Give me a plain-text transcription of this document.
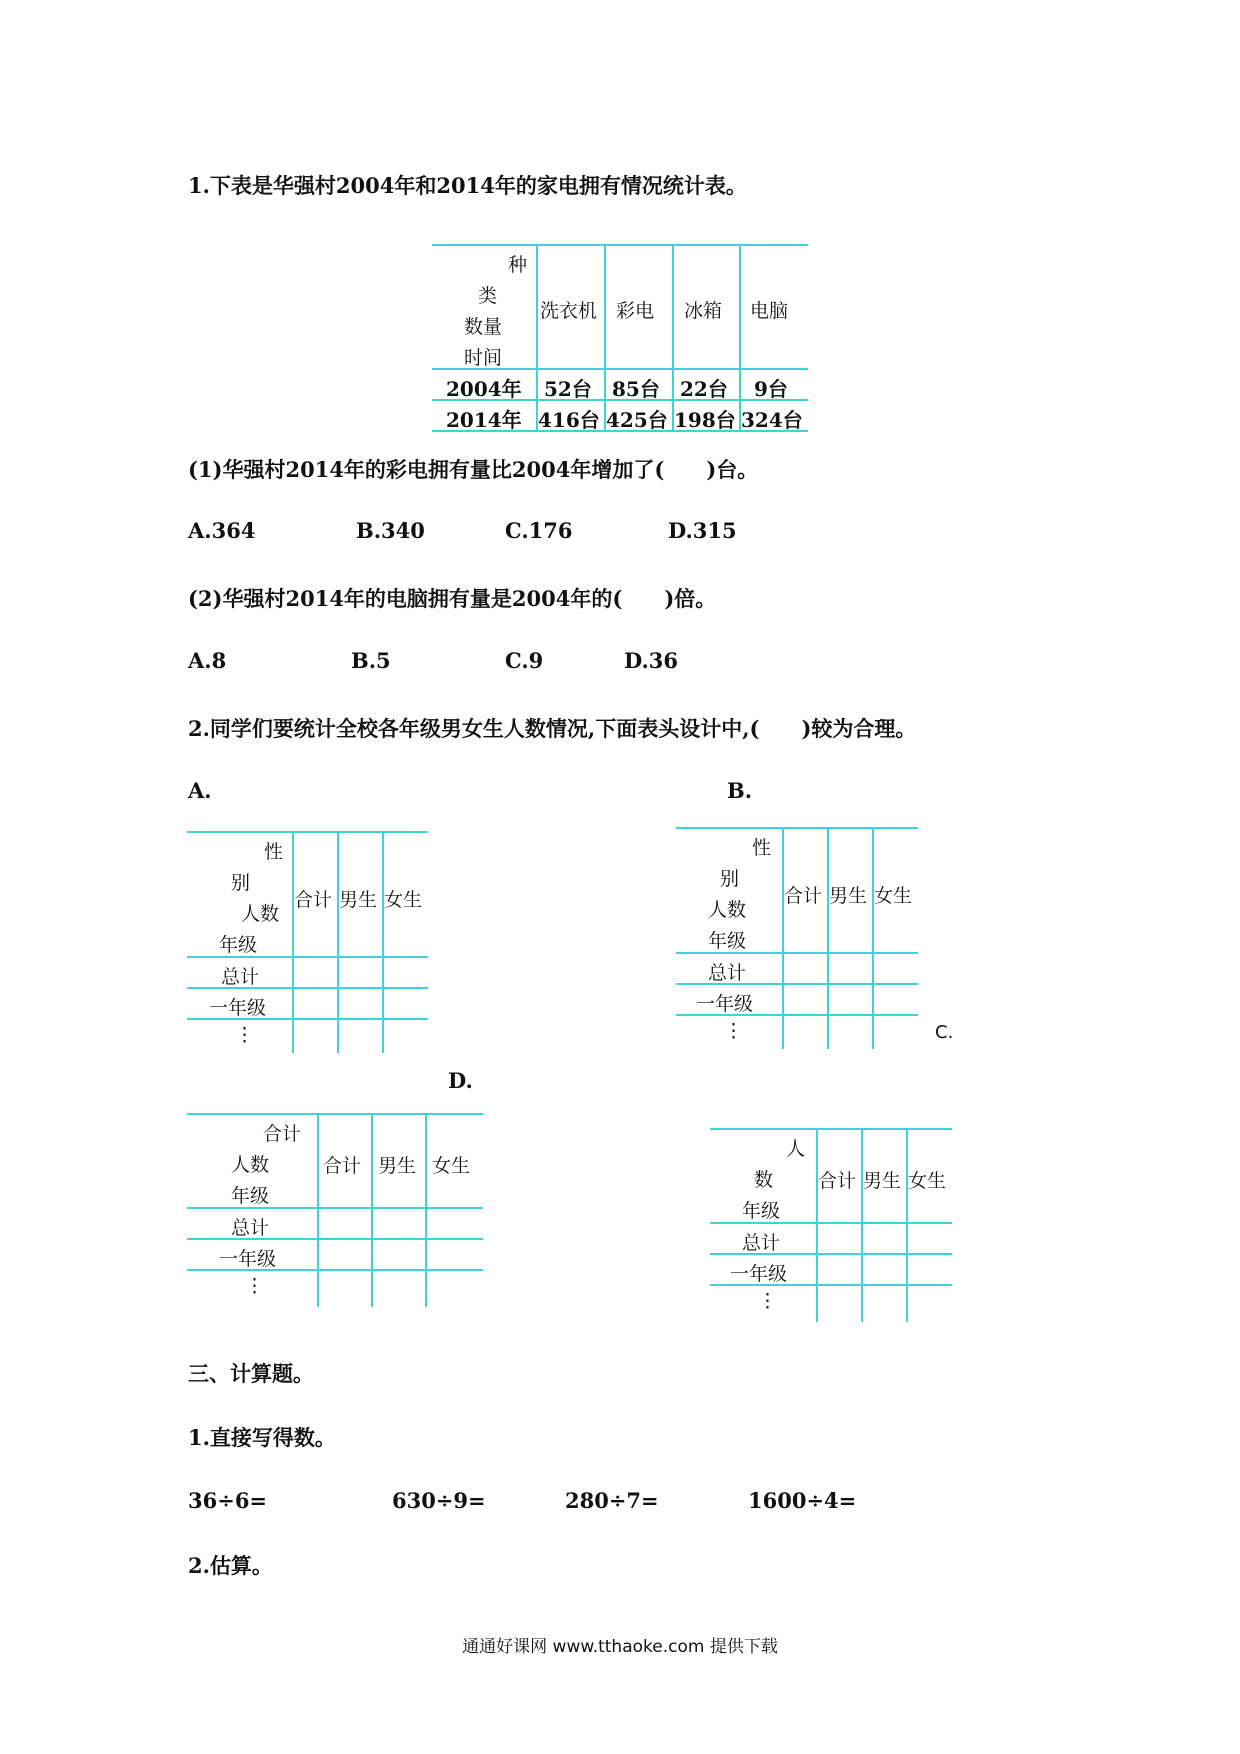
1.下表是华强村2004年和2014年的家电拥有情况统计表。
种
类
数量
时间
洗衣机 彩电 冰箱 电脑
2004年 52台 85台 22台 9台
2014年 416台 425台 198台 324台
(1)华强村2014年的彩电拥有量比2004年增加了(　　)台。
A.364	B.340	C.176	D.315
(2)华强村2014年的电脑拥有量是2004年的(　　)倍。
A.8	B.5	C.9	D.36
2.同学们要统计全校各年级男女生人数情况,下面表头设计中,(　　)较为合理。
A.	B.
C.
D.
性
别
人数
年级
合计 男生 女生
总计
一年级
⋮
性
别
人数
年级
合计 男生 女生
总计
一年级
⋮
合计
人数
年级
合计 男生 女生
总计
一年级
⋮
人
数
年级
合计 男生 女生
总计
一年级
⋮
三、计算题。
1.直接写得数。
36÷6=	630÷9=	280÷7=	1600÷4=
2.估算。
通通好课网 www.tthaoke.com 提供下载
